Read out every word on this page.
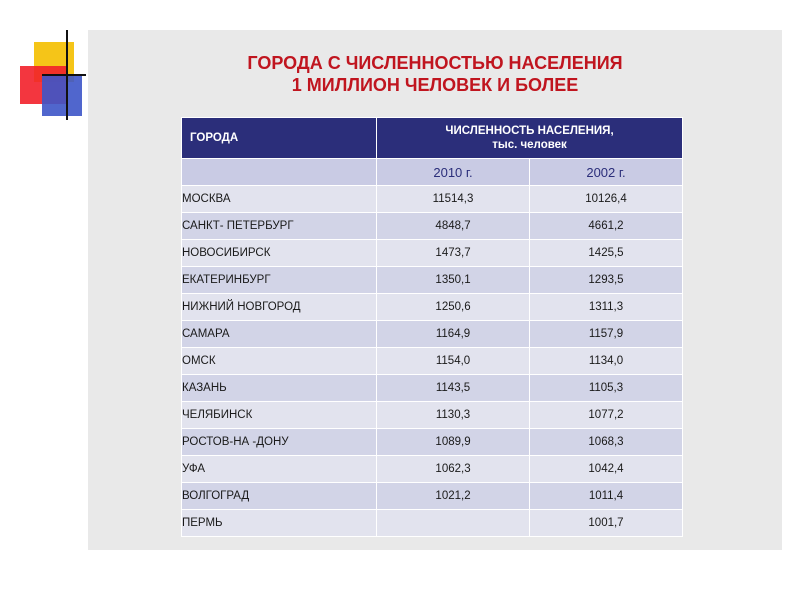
ГОРОДА С ЧИСЛЕННОСТЬЮ НАСЕЛЕНИЯ
1 МИЛЛИОН ЧЕЛОВЕК И БОЛЕЕ
ГОРОДА	ЧИСЛЕННОСТЬ НАСЕЛЕНИЯ,
тыс. человек	

	2010 г.	2002 г.
МОСКВА	11514,3	10126,4
САНКТ- ПЕТЕРБУРГ	4848,7	4661,2
НОВОСИБИРСК	1473,7	1425,5
ЕКАТЕРИНБУРГ	1350,1	1293,5
НИЖНИЙ НОВГОРОД	1250,6	1311,3
САМАРА	1164,9	1157,9
ОМСК	1154,0	1134,0
КАЗАНЬ	1143,5	1105,3
ЧЕЛЯБИНСК	1130,3	1077,2
РОСТОВ-НА -ДОНУ	1089,9	1068,3
УФА	1062,3	1042,4
ВОЛГОГРАД	1021,2	1011,4
ПЕРМЬ		1001,7
